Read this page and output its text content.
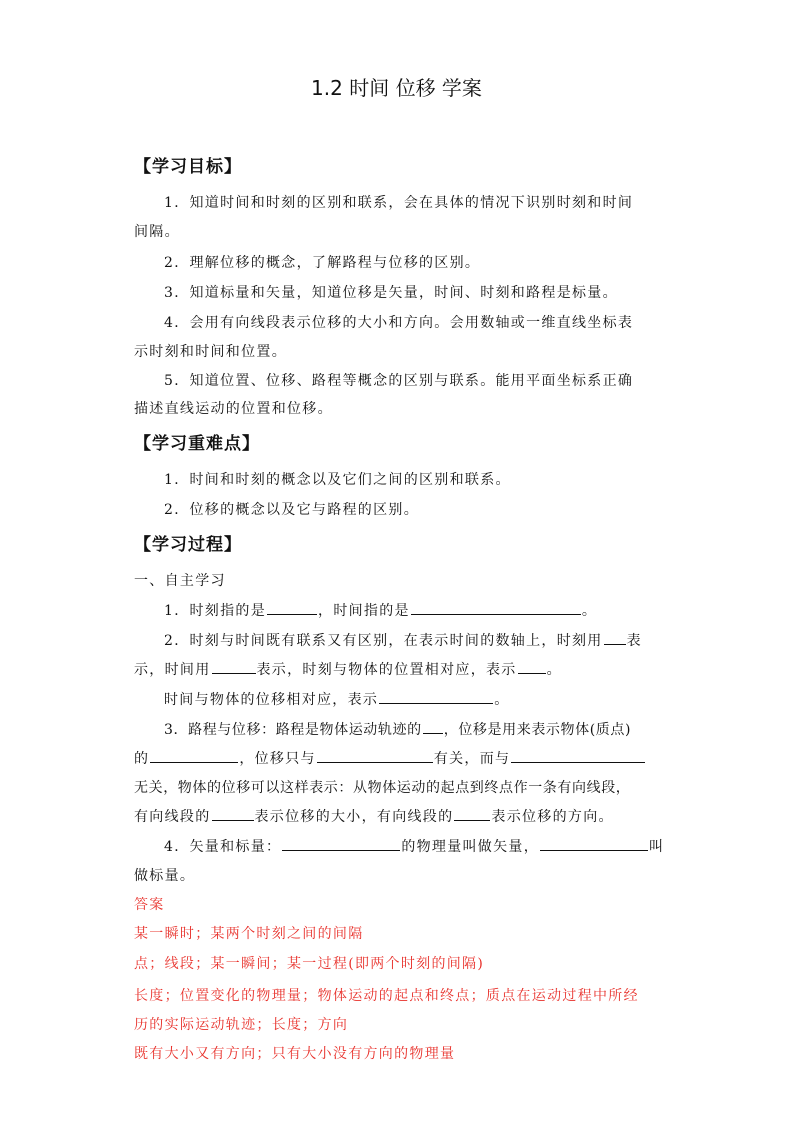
1.2 时间 位移 学案
【学习目标】
1．知道时间和时刻的区别和联系，会在具体的情况下识别时刻和时间
间隔。
2．理解位移的概念，了解路程与位移的区别。
3．知道标量和矢量，知道位移是矢量，时间、时刻和路程是标量。
4．会用有向线段表示位移的大小和方向。会用数轴或一维直线坐标表
示时刻和时间和位置。
5．知道位置、位移、路程等概念的区别与联系。能用平面坐标系正确
描述直线运动的位置和位移。
【学习重难点】
1．时间和时刻的概念以及它们之间的区别和联系。
2．位移的概念以及它与路程的区别。
【学习过程】
一、自主学习
1．时刻指的是	，时间指的是	。
2．时刻与时间既有联系又有区别，在表示时间的数轴上，时刻用 表
示，时间用	表示，时刻与物体的位置相对应，表示 。
时间与物体的位移相对应，表示	。
3．路程与位移：路程是物体运动轨迹的 ，位移是用来表示物体(质点)
的	，位移只与	有关，而与
无关，物体的位移可以这样表示：从物体运动的起点到终点作一条有向线段，
有向线段的	表示位移的大小，有向线段的	表示位移的方向。
4．矢量和标量：	的物理量叫做矢量，	叫
做标量。
答案
某一瞬时；某两个时刻之间的间隔
点；线段；某一瞬间；某一过程(即两个时刻的间隔)
长度；位置变化的物理量；物体运动的起点和终点；质点在运动过程中所经
历的实际运动轨迹；长度；方向
既有大小又有方向；只有大小没有方向的物理量
